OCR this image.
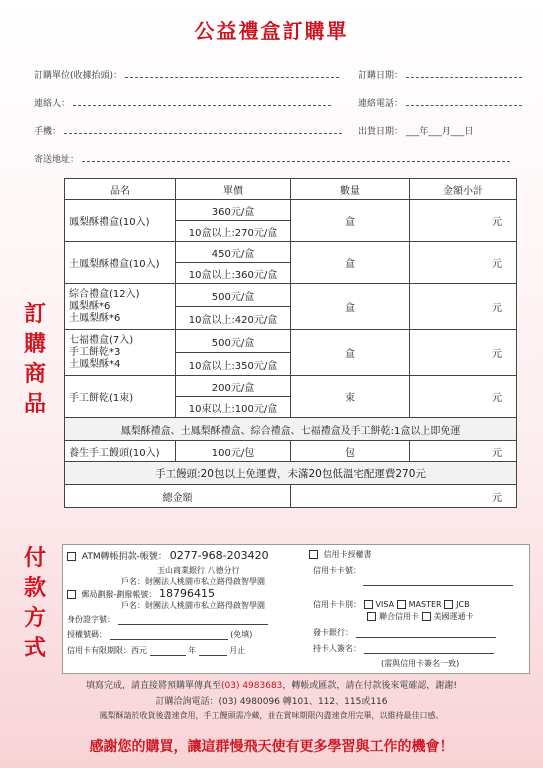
公益禮盒訂購單
訂購單位(收據抬頭)：	訂購日期：
連絡人：	連絡電話：
手機：	出貨日期： ___年___月___日
寄送地址：
訂
購
商
品
付
款
方
式
品名	單價	數量	金額小計
鳳梨酥禮盒(10入)	360元/盒	盒	元
	10盒以上:270元/盒		
土鳳梨酥禮盒(10入)	450元/盒	盒	元
	10盒以上:360元/盒		
綜合禮盒(12入)
鳳梨酥*6
土鳳梨酥*6	500元/盒	盒	元
	10盒以上:420元/盒		
七福禮盒(7入)
手工餅乾*3
土鳳梨酥*4	500元/盒	盒	元
	10盒以上:350元/盒		
手工餅乾(1束)	200元/盒	束	元
	10束以上:100元/盒		
鳳梨酥禮盒、土鳳梨酥禮盒、綜合禮盒、七福禮盒及手工餅乾:1盒以上即免運			
養生手工饅頭(10入)	100元/包	包	元
手工饅頭:20包以上免運費，未滿20包低溫宅配運費270元			
總金額		元	
ATM轉帳捐款-帳號： 0277-968-203420
玉山商業銀行 八德分行
戶名：財團法人桃園市私立路得啟智學園
郵局劃撥-劃撥帳號： 18796415
戶名：財團法人桃園市私立路得啟智學園
身份證字號：
授權號碼：	(免填)
信用卡有限期限：西元	年	月止
信用卡授權書
信用卡卡號：
信用卡卡別： VISA MASTER JCB
聯合信用卡 美國運通卡
發卡銀行：
持卡人簽名：
(需與信用卡簽名一致)
填寫完成，請直接將預購單傳真至(03) 4983683，轉帳或匯款，請在付款後來電確認，謝謝!
訂購洽詢電話：(03) 4980096 轉101、112、115或116
鳳梨酥請於收貨後盡速食用，手工饅頭需冷藏，並在賞味期限內盡速食用完畢，以維持最佳口感。
感謝您的購買，讓這群慢飛天使有更多學習與工作的機會！
